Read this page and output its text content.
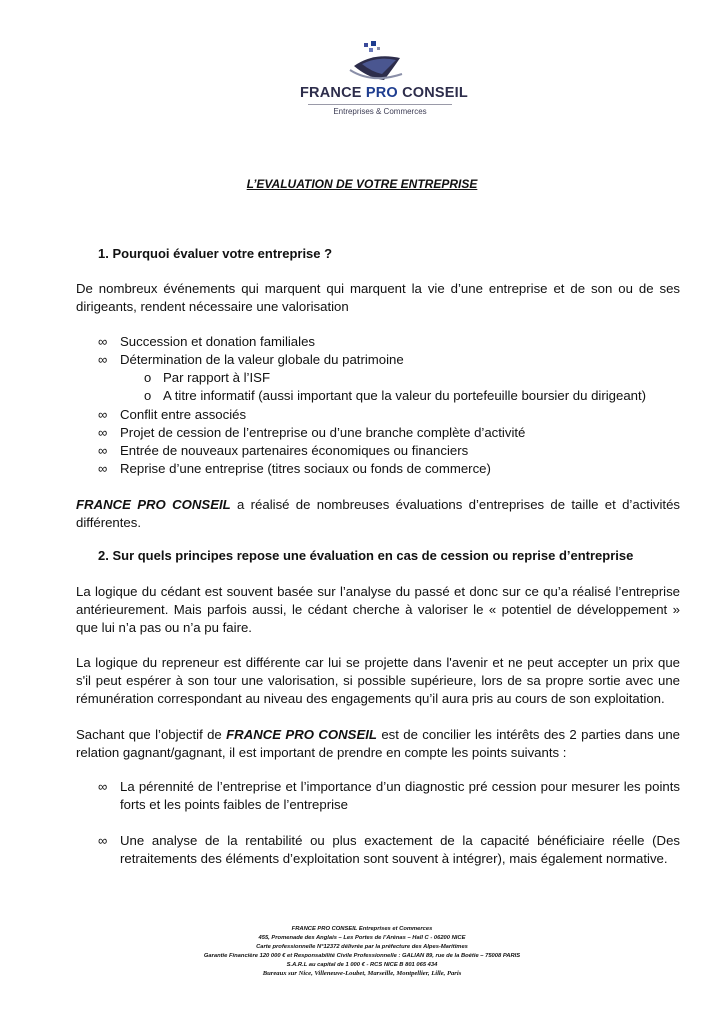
FRANCE PRO CONSEIL
Entreprises & Commerces
L’EVALUATION DE VOTRE ENTREPRISE
1. Pourquoi évaluer votre entreprise ?
De nombreux événements qui marquent qui marquent la vie d’une entreprise et de son ou de ses dirigeants, rendent nécessaire une valorisation
∞ Succession et donation familiales
∞ Détermination de la valeur globale du patrimoine
o Par rapport à l’ISF
o A titre informatif (aussi important que la valeur du portefeuille boursier du dirigeant)
∞ Conflit entre associés
∞ Projet de cession de l’entreprise ou d’une branche complète d’activité
∞ Entrée de nouveaux partenaires économiques ou financiers
∞ Reprise d’une entreprise (titres sociaux ou fonds de commerce)
FRANCE PRO CONSEIL a réalisé de nombreuses évaluations d’entreprises de taille et d’activités différentes.
2. Sur quels principes repose une évaluation en cas de cession ou reprise d’entreprise
La logique du cédant est souvent basée sur l’analyse du passé et donc sur ce qu’a réalisé l’entreprise antérieurement. Mais parfois aussi, le cédant cherche à valoriser le « potentiel de développement » que lui n’a pas ou n’a pu faire.
La logique du repreneur est différente car lui se projette dans l'avenir et ne peut accepter un prix que s'il peut espérer à son tour une valorisation, si possible supérieure, lors de sa propre sortie avec une rémunération correspondant au niveau des engagements qu’il aura pris au cours de son exploitation.
Sachant que l’objectif de FRANCE PRO CONSEIL est de concilier les intérêts des 2 parties dans une relation gagnant/gagnant, il est important de prendre en compte les points suivants :
∞ La pérennité de l’entreprise et l’importance d’un diagnostic pré cession pour mesurer les points forts et les points faibles de l’entreprise
∞ Une analyse de la rentabilité ou plus exactement de la capacité bénéficiaire réelle (Des retraitements des éléments d’exploitation sont souvent à intégrer), mais également normative.
FRANCE PRO CONSEIL Entreprises et Commerces
455, Promenade des Anglais – Les Portes de l’Arénas – Hall C - 06200 NICE
Carte professionnelle N°12372 délivrée par la préfecture des Alpes-Maritimes
Garantie Financière 120 000 € et Responsabilité Civile Professionnelle : GALIAN 89, rue de la Boétie – 75008 PARIS
S.A.R.L au capital de 1 000 € - RCS NICE B 801 065 434
Bureaux sur Nice, Villeneuve-Loubet, Marseille, Montpellier, Lille, Paris
